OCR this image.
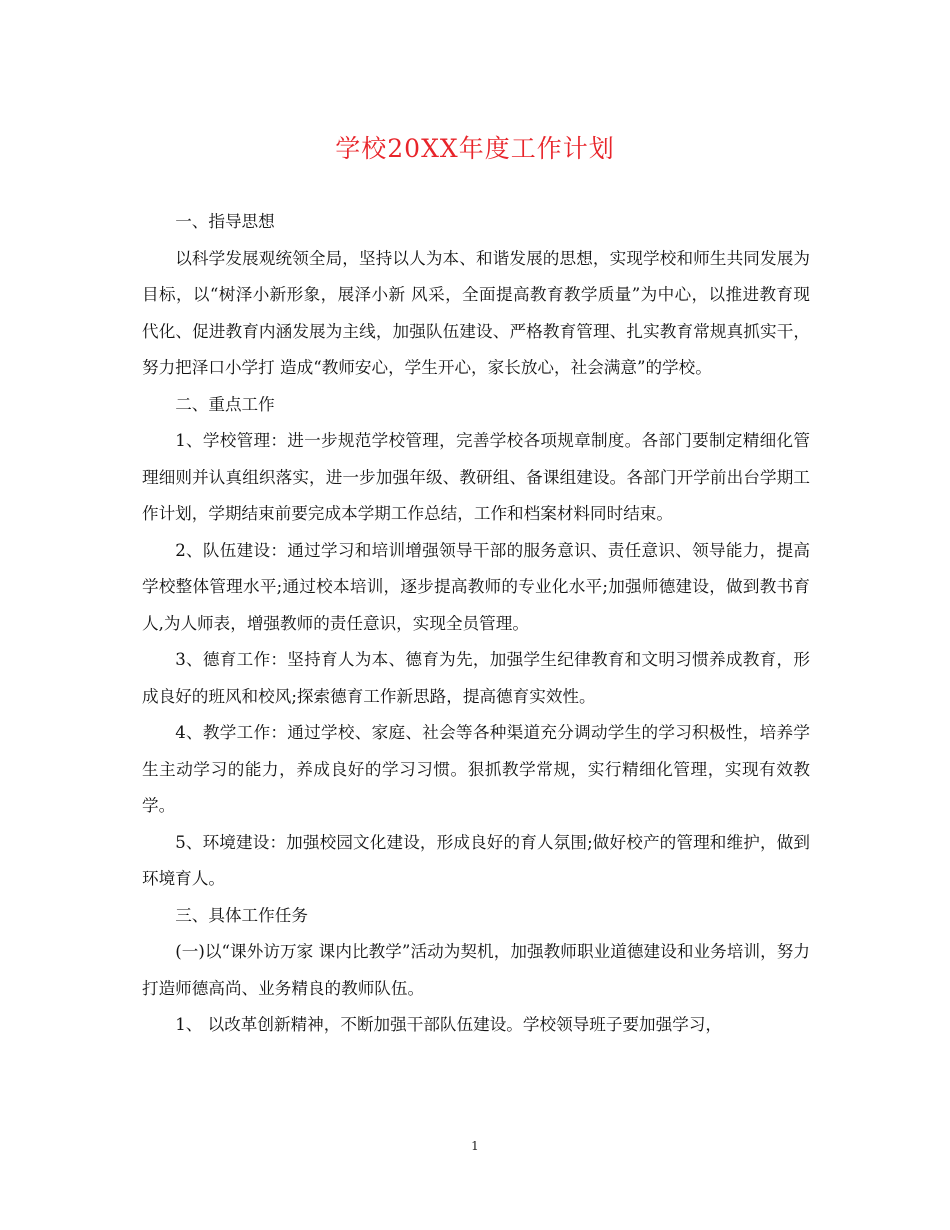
学校20XX年度工作计划

一、指导思想

以科学发展观统领全局，坚持以人为本、和谐发展的思想，实现学校和师生共同发展为目标，以“树泽小新形象，展泽小新 风采，全面提高教育教学质量”为中心，以推进教育现代化、促进教育内涵发展为主线，加强队伍建设、严格教育管理、扎实教育常规真抓实干，努力把泽口小学打 造成“教师安心，学生开心，家长放心，社会满意”的学校。

二、重点工作

1、学校管理：进一步规范学校管理，完善学校各项规章制度。各部门要制定精细化管理细则并认真组织落实，进一步加强年级、教研组、备课组建设。各部门开学前出台学期工作计划，学期结束前要完成本学期工作总结，工作和档案材料同时结束。

2、队伍建设：通过学习和培训增强领导干部的服务意识、责任意识、领导能力，提高学校整体管理水平;通过校本培训，逐步提高教师的专业化水平;加强师德建设，做到教书育人,为人师表，增强教师的责任意识，实现全员管理。

3、德育工作：坚持育人为本、德育为先，加强学生纪律教育和文明习惯养成教育，形成良好的班风和校风;探索德育工作新思路，提高德育实效性。

4、教学工作：通过学校、家庭、社会等各种渠道充分调动学生的学习积极性，培养学生主动学习的能力，养成良好的学习习惯。狠抓教学常规，实行精细化管理，实现有效教学。

5、环境建设：加强校园文化建设，形成良好的育人氛围;做好校产的管理和维护，做到环境育人。

三、具体工作任务

(一)以“课外访万家 课内比教学”活动为契机，加强教师职业道德建设和业务培训，努力打造师德高尚、业务精良的教师队伍。

1、 以改革创新精神，不断加强干部队伍建设。学校领导班子要加强学习，

1
